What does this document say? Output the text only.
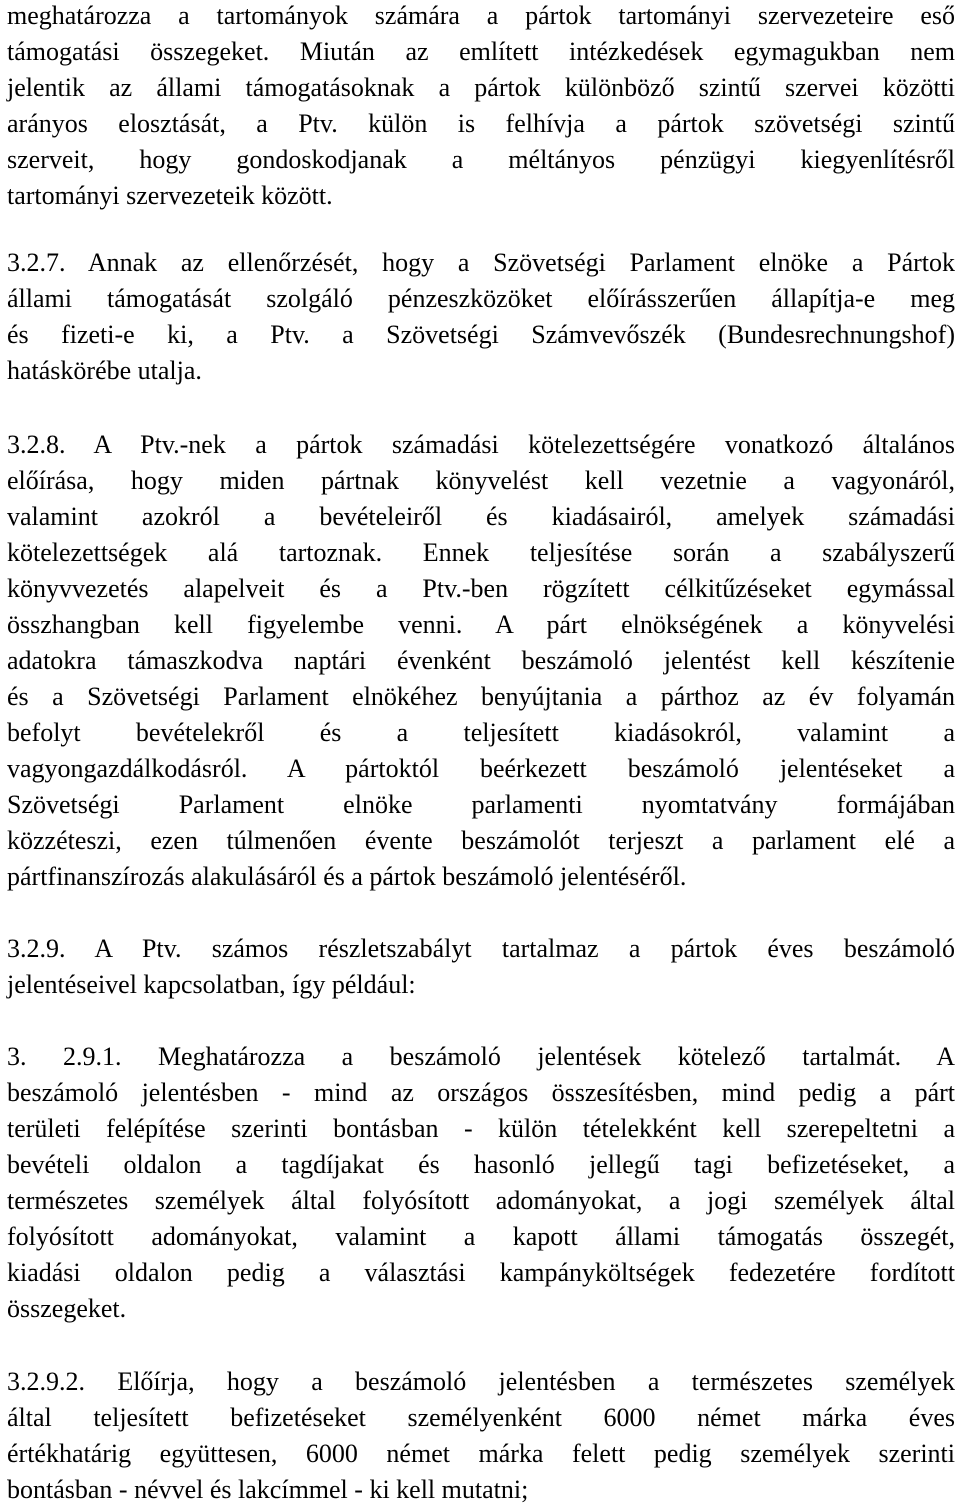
meghatározza a tartományok számára a pártok tartományi szervezeteire eső
támogatási összegeket. Miután az említett intézkedések egymagukban nem
jelentik az állami támogatásoknak a pártok különböző szintű szervei közötti
arányos elosztását, a Ptv. külön is felhívja a pártok szövetségi szintű
szerveit, hogy gondoskodjanak a méltányos pénzügyi kiegyenlítésről
tartományi szervezeteik között.
3.2.7. Annak az ellenőrzését, hogy a Szövetségi Parlament elnöke a Pártok
állami támogatását szolgáló pénzeszközöket előírásszerűen állapítja-e meg
és fizeti-e ki, a Ptv. a Szövetségi Számvevőszék (Bundesrechnungshof)
hatáskörébe utalja.
3.2.8. A Ptv.-nek a pártok számadási kötelezettségére vonatkozó általános
előírása, hogy miden pártnak könyvelést kell vezetnie a vagyonáról,
valamint azokról a bevételeiről és kiadásairól, amelyek számadási
kötelezettségek alá tartoznak. Ennek teljesítése során a szabályszerű
könyvvezetés alapelveit és a Ptv.-ben rögzített célkitűzéseket egymással
összhangban kell figyelembe venni. A párt elnökségének a könyvelési
adatokra támaszkodva naptári évenként beszámoló jelentést kell készítenie
és a Szövetségi Parlament elnökéhez benyújtania a párthoz az év folyamán
befolyt bevételekről és a teljesített kiadásokról, valamint a
vagyongazdálkodásról. A pártoktól beérkezett beszámoló jelentéseket a
Szövetségi Parlament elnöke parlamenti nyomtatvány formájában
közzéteszi, ezen túlmenően évente beszámolót terjeszt a parlament elé a
pártfinanszírozás alakulásáról és a pártok beszámoló jelentéséről.
3.2.9. A Ptv. számos részletszabályt tartalmaz a pártok éves beszámoló
jelentéseivel kapcsolatban, így például:
3. 2.9.1. Meghatározza a beszámoló jelentések kötelező tartalmát. A
beszámoló jelentésben - mind az országos összesítésben, mind pedig a párt
területi felépítése szerinti bontásban - külön tételekként kell szerepeltetni a
bevételi oldalon a tagdíjakat és hasonló jellegű tagi befizetéseket, a
természetes személyek által folyósított adományokat, a jogi személyek által
folyósított adományokat, valamint a kapott állami támogatás összegét,
kiadási oldalon pedig a választási kampányköltségek fedezetére fordított
összegeket.
3.2.9.2. Előírja, hogy a beszámoló jelentésben a természetes személyek
által teljesített befizetéseket személyenként 6000 német márka éves
értékhatárig együttesen, 6000 német márka felett pedig személyek szerinti
bontásban - névvel és lakcímmel - ki kell mutatni;
